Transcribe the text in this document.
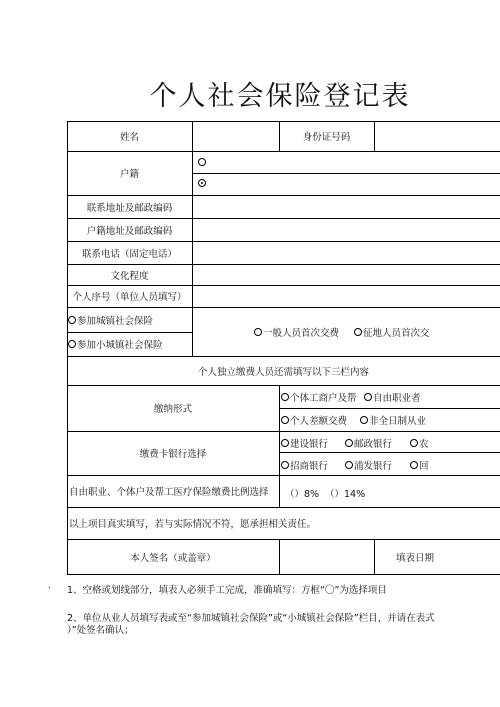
个人社会保险登记表
姓名	身份证号码
户籍
联系地址及邮政编码
户籍地址及邮政编码
联系电话（固定电话）
文化程度
个人序号（单位人员填写）
参加城镇社会保险
参加小城镇社会保险
一般人员首次交费	征地人员首次交
个人独立缴费人员还需填写以下三栏内容
缴纳形式
个体工商户及帮 自由职业者
个人差额交费 非全日制从业
缴费卡银行选择
建设银行	邮政银行	农
招商银行	浦发银行	回
自由职业、个体户及帮工医疗保险缴费比例选择	（）8% （）14%
以上项目真实填写，若与实际情况不符，愿承担相关责任。
本人签名（或盖章）	填表日期
. 1、空格或划线部分，填表人必须手工完成，准确填写：方框“〇”为选择项目
2、单位从业人员填写表或至“参加城镇社会保险”或“小城镇社会保险”栏目，并请在表式
）”处签名确认；
